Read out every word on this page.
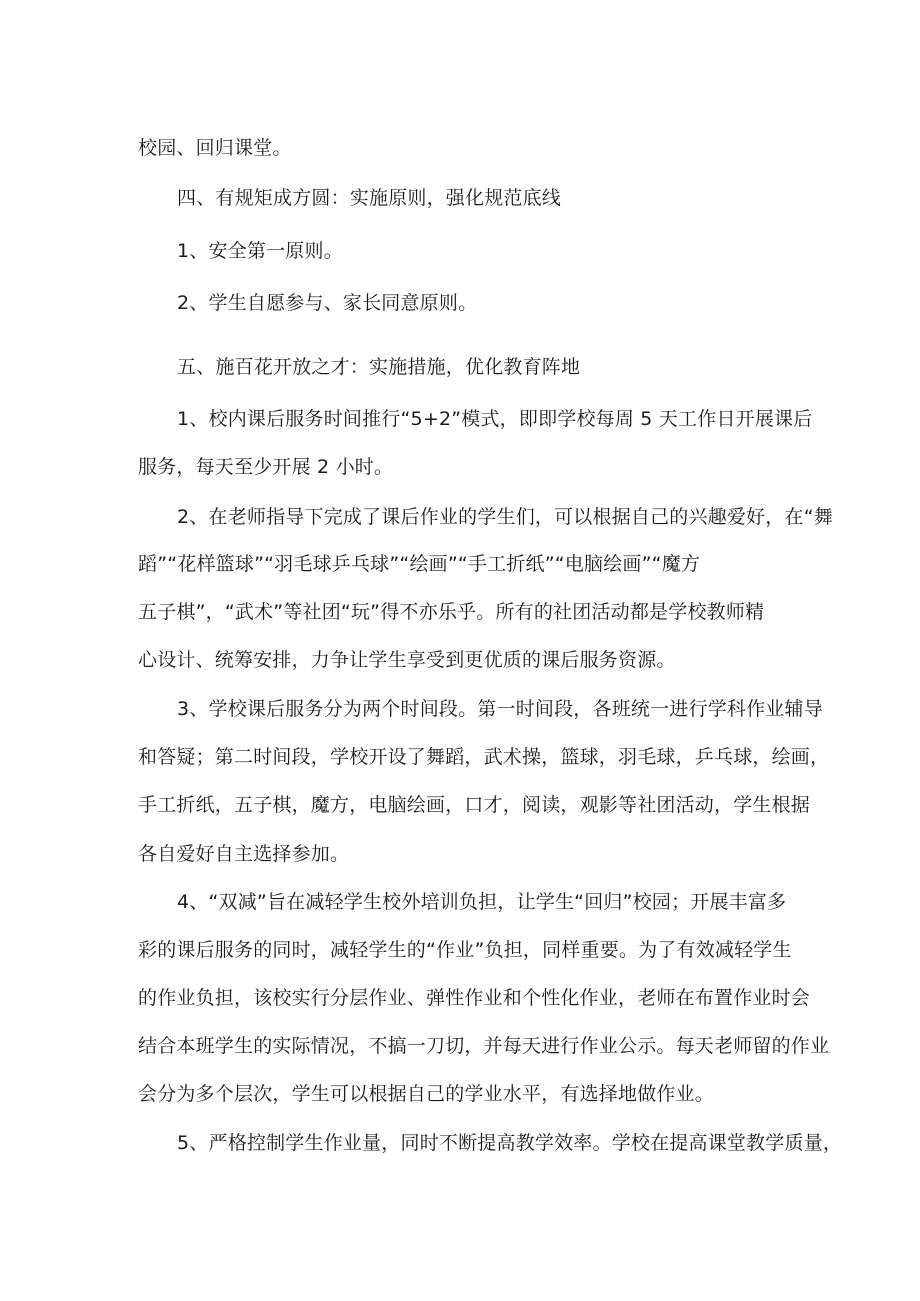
校园、回归课堂。
四、有规矩成方圆：实施原则，强化规范底线
1、安全第一原则。
2、学生自愿参与、家长同意原则。
五、施百花开放之才：实施措施，优化教育阵地
1、校内课后服务时间推行“5+2”模式，即即学校每周 5 天工作日开展课后
服务，每天至少开展 2 小时。
2、在老师指导下完成了课后作业的学生们，可以根据自己的兴趣爱好，在“舞
蹈”“花样篮球”“羽毛球乒乓球”“绘画”“手工折纸”“电脑绘画”“魔方
五子棋”，“武术”等社团“玩”得不亦乐乎。所有的社团活动都是学校教师精
心设计、统筹安排，力争让学生享受到更优质的课后服务资源。
3、学校课后服务分为两个时间段。第一时间段，各班统一进行学科作业辅导
和答疑；第二时间段，学校开设了舞蹈，武术操，篮球，羽毛球，乒乓球，绘画，
手工折纸，五子棋，魔方，电脑绘画，口才，阅读，观影等社团活动，学生根据
各自爱好自主选择参加。
4、“双减”旨在减轻学生校外培训负担，让学生“回归”校园；开展丰富多
彩的课后服务的同时，减轻学生的“作业”负担，同样重要。为了有效减轻学生
的作业负担，该校实行分层作业、弹性作业和个性化作业，老师在布置作业时会
结合本班学生的实际情况，不搞一刀切，并每天进行作业公示。每天老师留的作业
会分为多个层次，学生可以根据自己的学业水平，有选择地做作业。
5、严格控制学生作业量，同时不断提高教学效率。学校在提高课堂教学质量，
